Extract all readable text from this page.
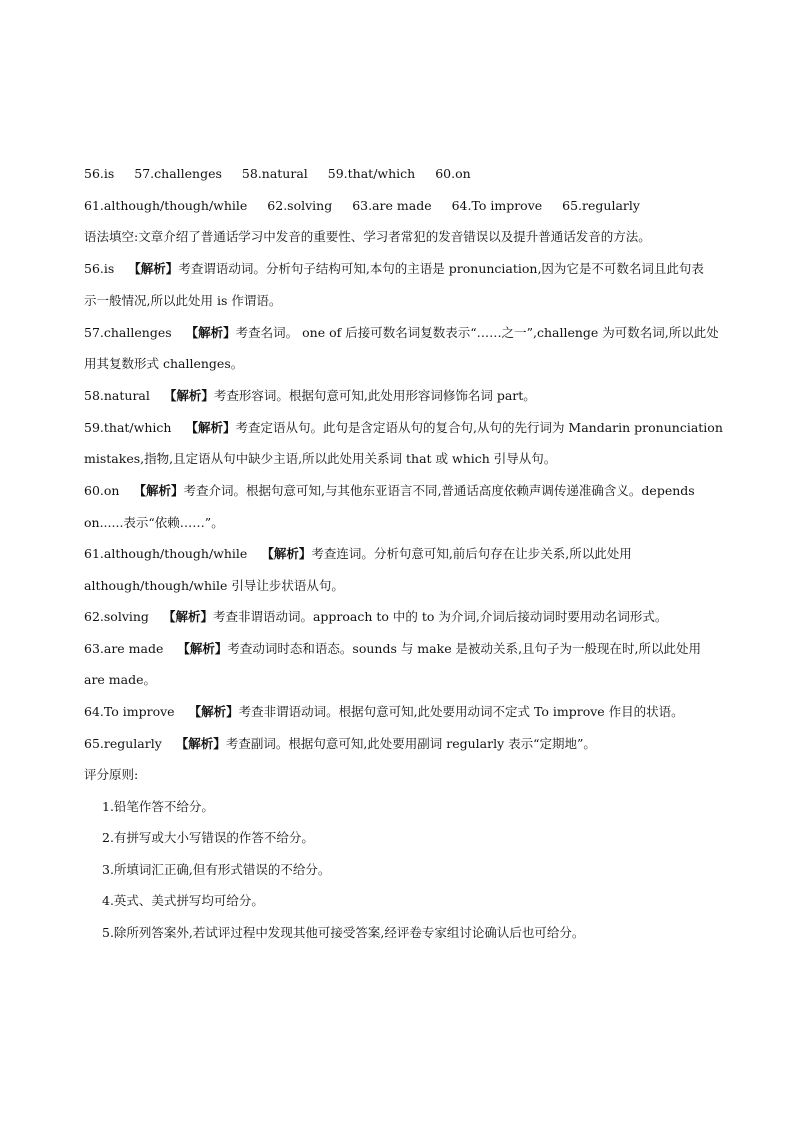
56.is 57.challenges 58.natural 59.that/which 60.on
61.although/though/while 62.solving 63.are made 64.To improve 65.regularly
语法填空:文章介绍了普通话学习中发音的重要性、学习者常犯的发音错误以及提升普通话发音的方法。
56.is 【解析】考查谓语动词。分析句子结构可知,本句的主语是 pronunciation,因为它是不可数名词且此句表
示一般情况,所以此处用 is 作谓语。
57.challenges 【解析】考查名词。 one of 后接可数名词复数表示“……之一”,challenge 为可数名词,所以此处
用其复数形式 challenges。
58.natural 【解析】考查形容词。根据句意可知,此处用形容词修饰名词 part。
59.that/which 【解析】考查定语从句。此句是含定语从句的复合句,从句的先行词为 Mandarin pronunciation
mistakes,指物,且定语从句中缺少主语,所以此处用关系词 that 或 which 引导从句。
60.on 【解析】考查介词。根据句意可知,与其他东亚语言不同,普通话高度依赖声调传递准确含义。depends
on......表示“依赖……”。
61.although/though/while 【解析】考查连词。分析句意可知,前后句存在让步关系,所以此处用
although/though/while 引导让步状语从句。
62.solving 【解析】考查非谓语动词。approach to 中的 to 为介词,介词后接动词时要用动名词形式。
63.are made 【解析】考查动词时态和语态。sounds 与 make 是被动关系,且句子为一般现在时,所以此处用
are made。
64.To improve 【解析】考查非谓语动词。根据句意可知,此处要用动词不定式 To improve 作目的状语。
65.regularly 【解析】考查副词。根据句意可知,此处要用副词 regularly 表示“定期地”。
评分原则:
1.铅笔作答不给分。
2.有拼写或大小写错误的作答不给分。
3.所填词汇正确,但有形式错误的不给分。
4.英式、美式拼写均可给分。
5.除所列答案外,若试评过程中发现其他可接受答案,经评卷专家组讨论确认后也可给分。
